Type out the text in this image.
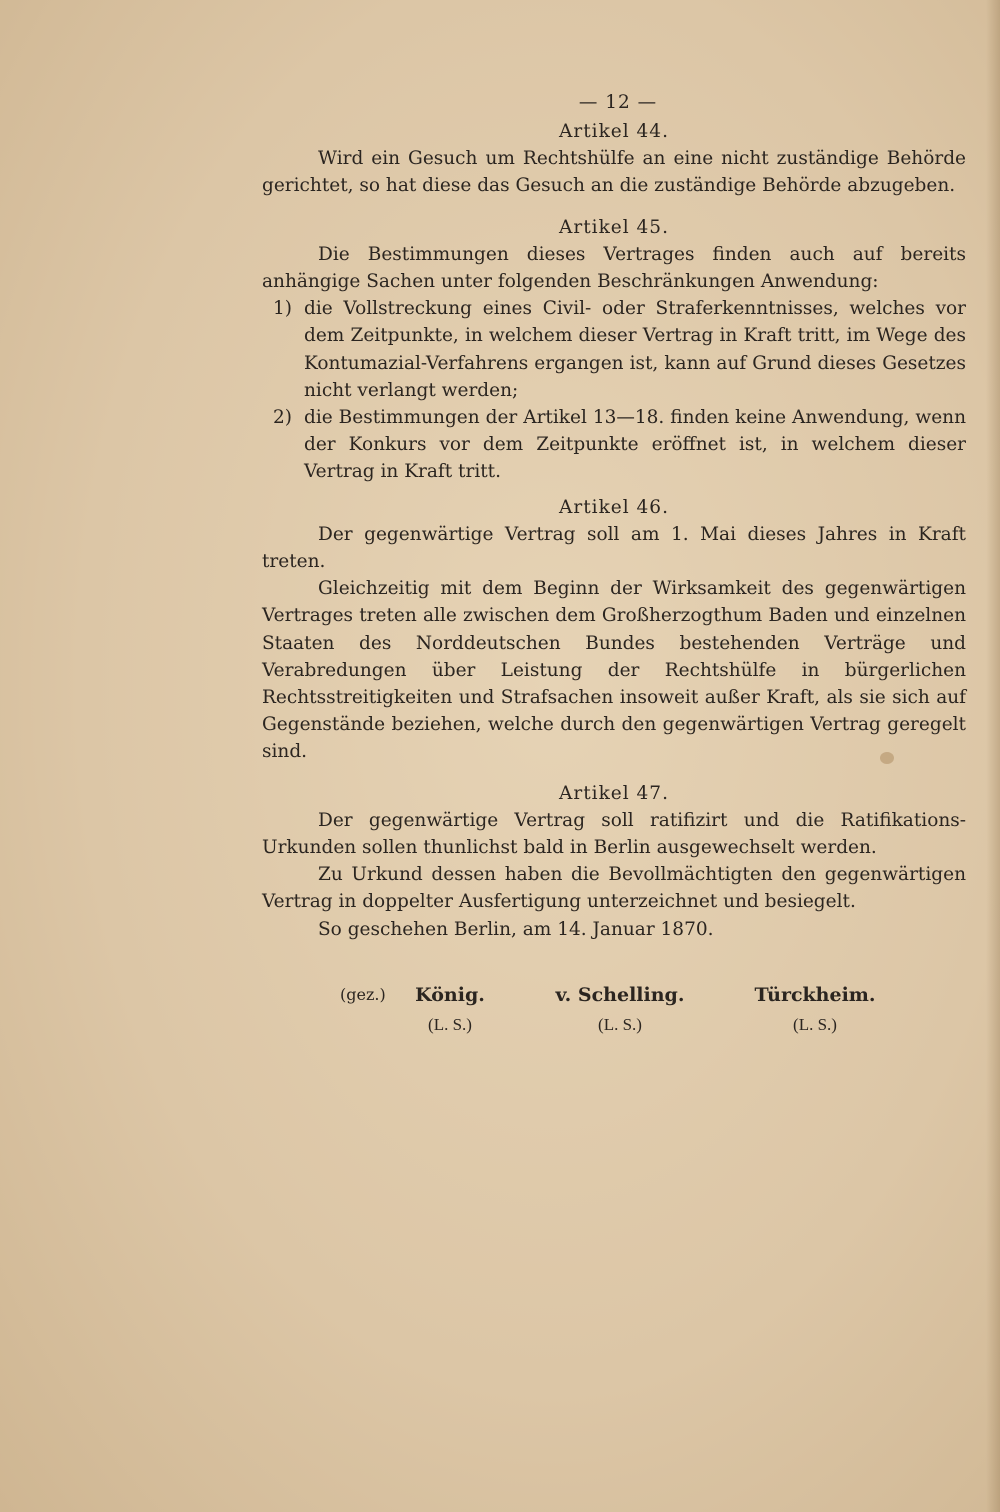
— 12 —
Artikel 44.

Wird ein Gesuch um Rechtshülfe an eine nicht zuständige Behörde gerichtet, so hat diese das Gesuch an die zuständige Behörde abzugeben.

Artikel 45.

Die Bestimmungen dieses Vertrages finden auch auf bereits anhängige Sachen unter folgenden Beschränkungen Anwendung:

1) die Vollstreckung eines Civil- oder Straferkenntnisses, welches vor dem Zeitpunkte, in welchem dieser Vertrag in Kraft tritt, im Wege des Kontumazial-Verfahrens ergangen ist, kann auf Grund dieses Gesetzes nicht verlangt werden;
2) die Bestimmungen der Artikel 13—18. finden keine Anwendung, wenn der Konkurs vor dem Zeitpunkte eröffnet ist, in welchem dieser Vertrag in Kraft tritt.
Artikel 46.

Der gegenwärtige Vertrag soll am 1. Mai dieses Jahres in Kraft treten.

Gleichzeitig mit dem Beginn der Wirksamkeit des gegenwärtigen Vertrages treten alle zwischen dem Großherzogthum Baden und einzelnen Staaten des Norddeutschen Bundes bestehenden Verträge und Verabredungen über Leistung der Rechtshülfe in bürgerlichen Rechtsstreitigkeiten und Strafsachen insoweit außer Kraft, als sie sich auf Gegenstände beziehen, welche durch den gegenwärtigen Vertrag geregelt sind.

Artikel 47.

Der gegenwärtige Vertrag soll ratifizirt und die Ratifikations-Urkunden sollen thunlichst bald in Berlin ausgewechselt werden.

Zu Urkund dessen haben die Bevollmächtigten den gegenwärtigen Vertrag in doppelter Ausfertigung unterzeichnet und besiegelt.

So geschehen Berlin, am 14. Januar 1870.

(gez.)	König.
(L. S.)
v. Schelling.
(L. S.)
Türckheim.
(L. S.)
